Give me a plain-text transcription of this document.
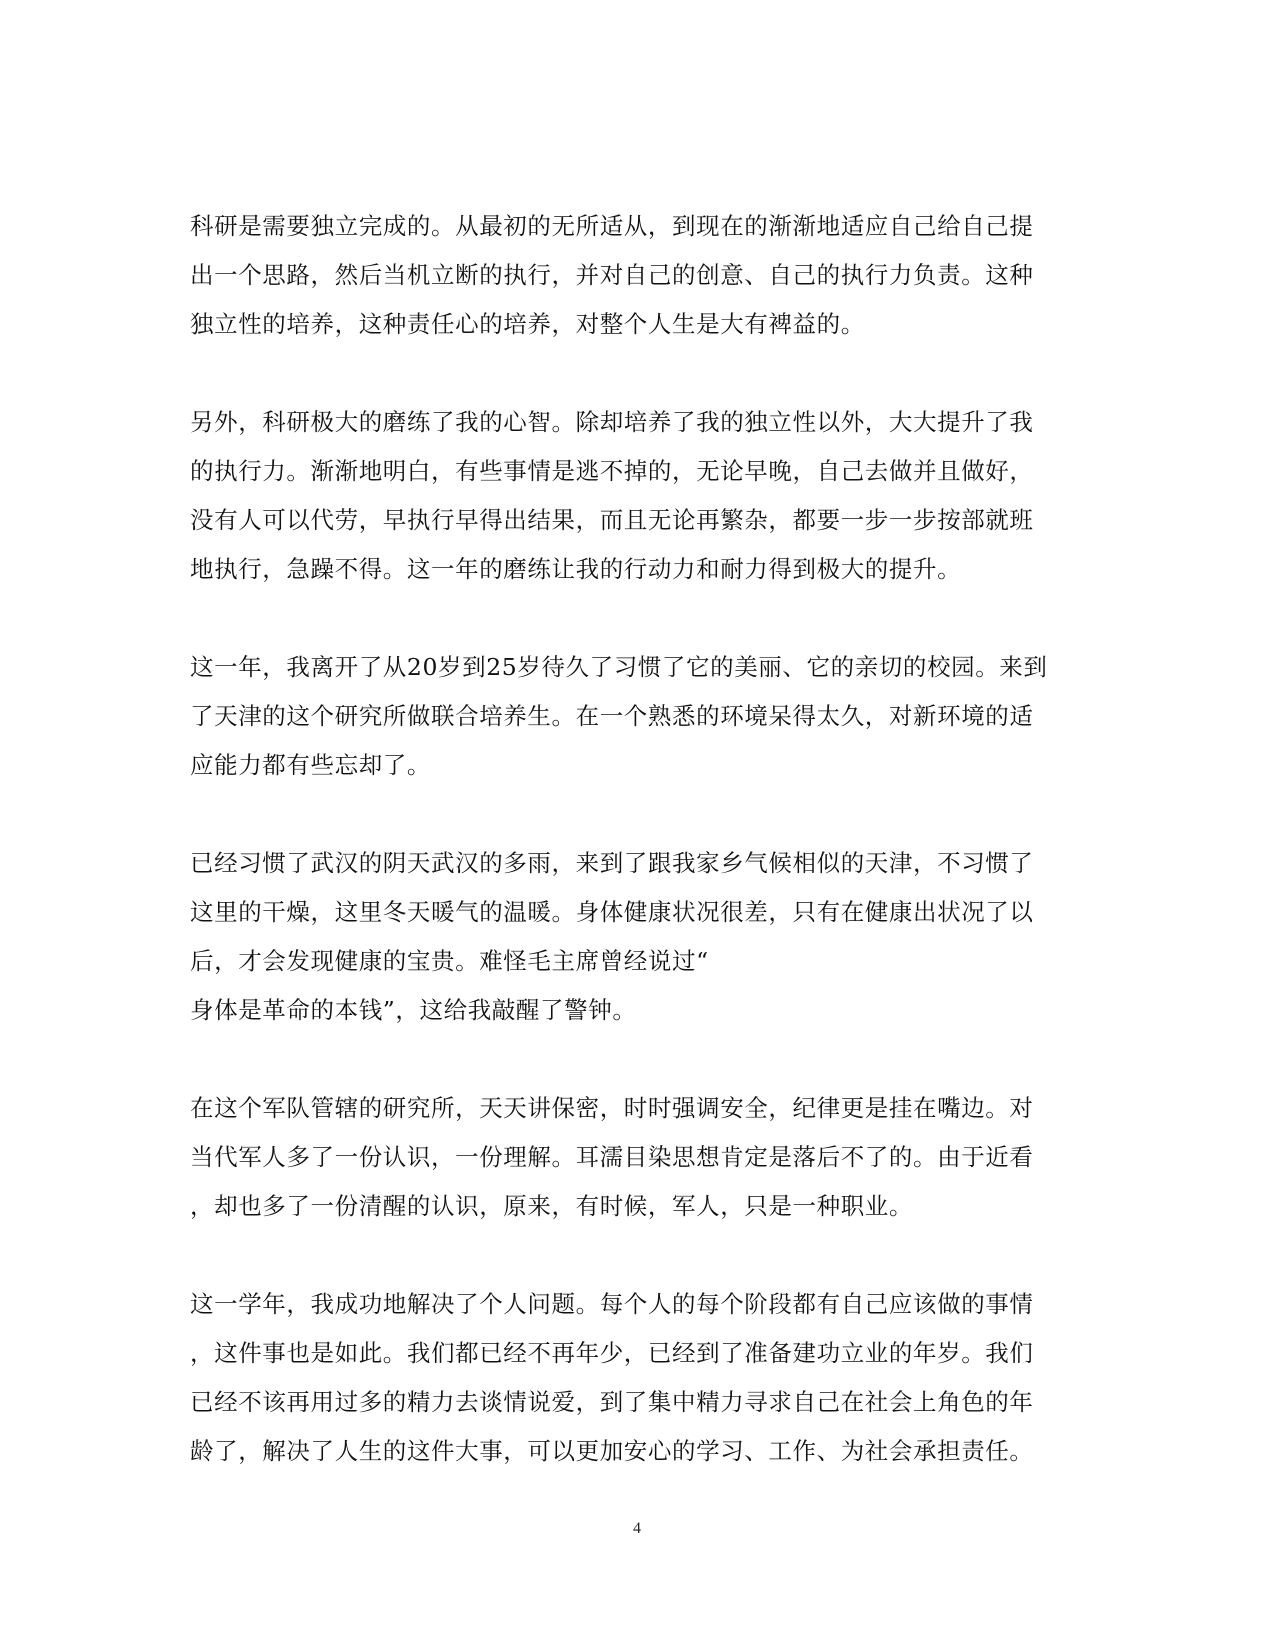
科研是需要独立完成的。从最初的无所适从，到现在的渐渐地适应自己给自己提
出一个思路，然后当机立断的执行，并对自己的创意、自己的执行力负责。这种
独立性的培养，这种责任心的培养，对整个人生是大有裨益的。

另外，科研极大的磨练了我的心智。除却培养了我的独立性以外，大大提升了我
的执行力。渐渐地明白，有些事情是逃不掉的，无论早晚，自己去做并且做好，
没有人可以代劳，早执行早得出结果，而且无论再繁杂，都要一步一步按部就班
地执行，急躁不得。这一年的磨练让我的行动力和耐力得到极大的提升。

这一年，我离开了从20岁到25岁待久了习惯了它的美丽、它的亲切的校园。来到
了天津的这个研究所做联合培养生。在一个熟悉的环境呆得太久，对新环境的适
应能力都有些忘却了。

已经习惯了武汉的阴天武汉的多雨，来到了跟我家乡气候相似的天津，不习惯了
这里的干燥，这里冬天暖气的温暖。身体健康状况很差，只有在健康出状况了以
后，才会发现健康的宝贵。难怪毛主席曾经说过“
身体是革命的本钱”，这给我敲醒了警钟。

在这个军队管辖的研究所，天天讲保密，时时强调安全，纪律更是挂在嘴边。对
当代军人多了一份认识，一份理解。耳濡目染思想肯定是落后不了的。由于近看
，却也多了一份清醒的认识，原来，有时候，军人，只是一种职业。

这一学年，我成功地解决了个人问题。每个人的每个阶段都有自己应该做的事情
，这件事也是如此。我们都已经不再年少，已经到了准备建功立业的年岁。我们
已经不该再用过多的精力去谈情说爱，到了集中精力寻求自己在社会上角色的年
龄了，解决了人生的这件大事，可以更加安心的学习、工作、为社会承担责任。

4
